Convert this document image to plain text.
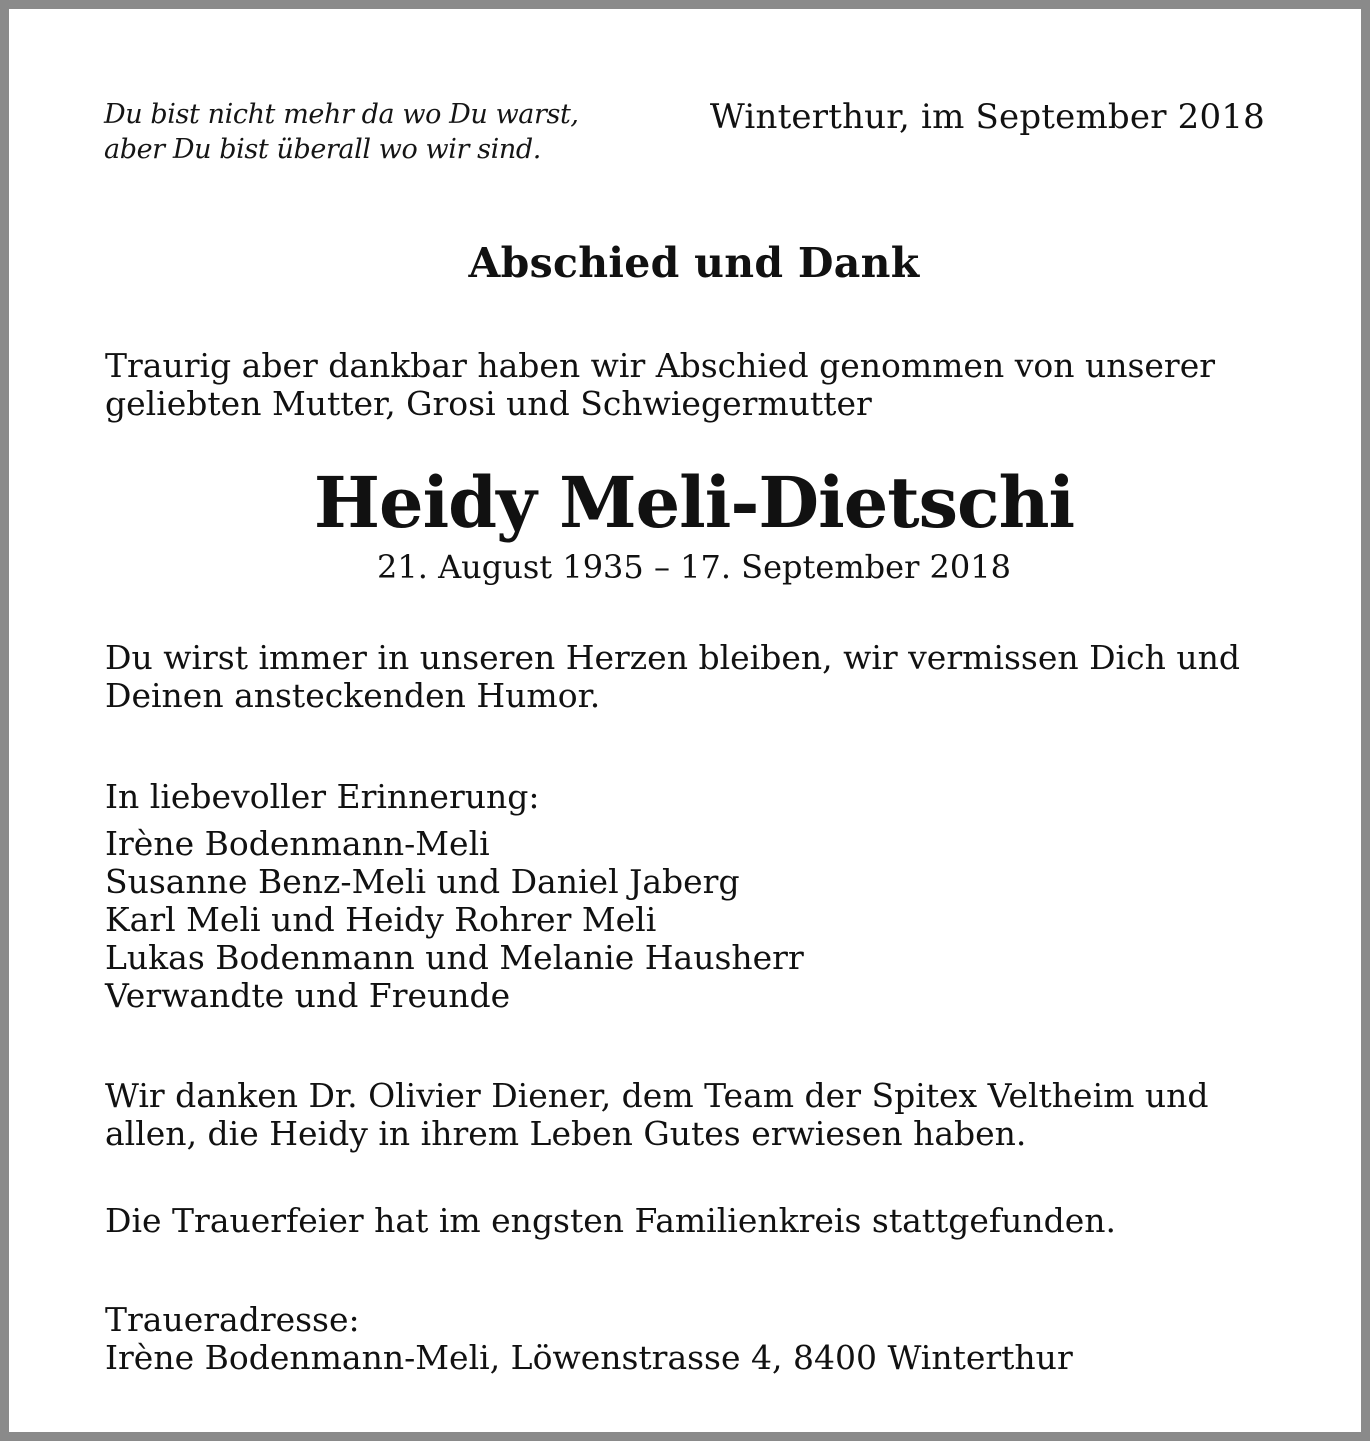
Du bist nicht mehr da wo Du warst,
aber Du bist überall wo wir sind.
Winterthur, im September 2018
Abschied und Dank
Traurig aber dankbar haben wir Abschied genommen von unserer
geliebten Mutter, Grosi und Schwiegermutter
Heidy Meli-Dietschi
21. August 1935 – 17. September 2018
Du wirst immer in unseren Herzen bleiben, wir vermissen Dich und
Deinen ansteckenden Humor.
In liebevoller Erinnerung:
Irène Bodenmann-Meli
Susanne Benz-Meli und Daniel Jaberg
Karl Meli und Heidy Rohrer Meli
Lukas Bodenmann und Melanie Hausherr
Verwandte und Freunde
Wir danken Dr. Olivier Diener, dem Team der Spitex Veltheim und
allen, die Heidy in ihrem Leben Gutes erwiesen haben.
Die Trauerfeier hat im engsten Familienkreis stattgefunden.
Traueradresse:
Irène Bodenmann-Meli, Löwenstrasse 4, 8400 Winterthur
